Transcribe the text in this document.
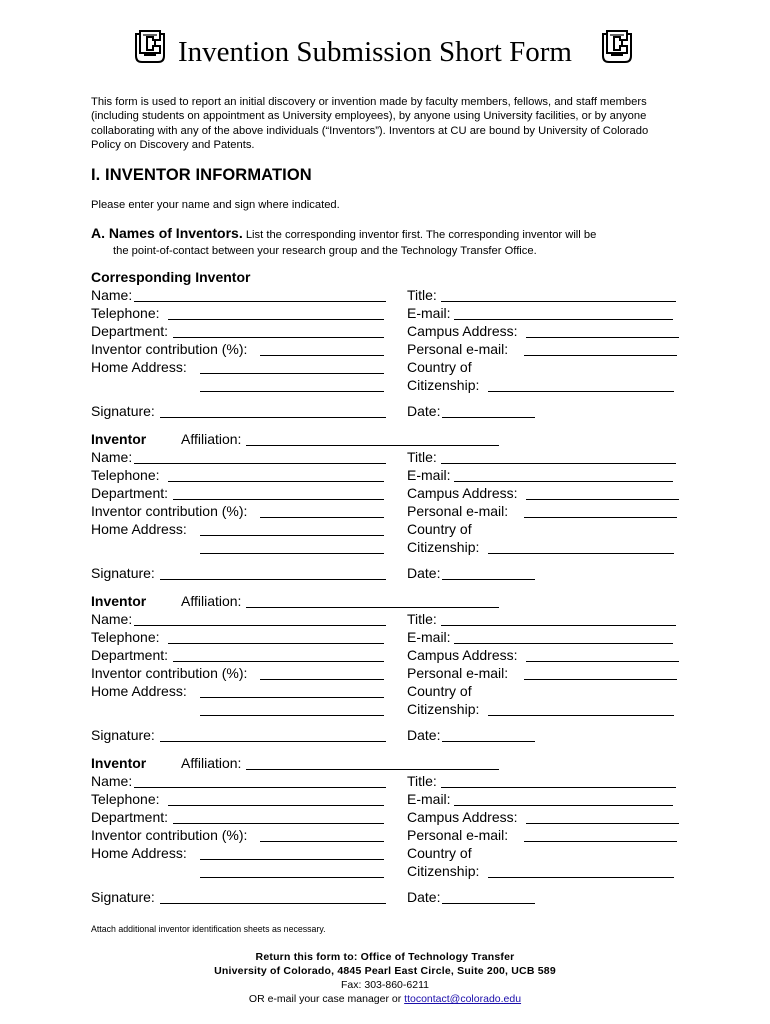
Invention Submission Short Form
This form is used to report an initial discovery or invention made by faculty members, fellows, and staff members (including students on appointment as University employees), by anyone using University facilities, or by anyone collaborating with any of the above individuals (“Inventors”). Inventors at CU are bound by University of Colorado Policy on Discovery and Patents.
I. INVENTOR INFORMATION
Please enter your name and sign where indicated.
A. Names of Inventors. List the corresponding inventor first. The corresponding inventor will be
the point-of-contact between your research group and the Technology Transfer Office.
Corresponding Inventor
Name:	Title:
Telephone:	E-mail:
Department:	Campus Address:
Inventor contribution (%):	Personal e-mail:
Home Address:	Country of
Citizenship:
Signature:	Date:
Inventor Affiliation:
Name:	Title:
Telephone:	E-mail:
Department:	Campus Address:
Inventor contribution (%):	Personal e-mail:
Home Address:	Country of
Citizenship:
Signature:	Date:
Inventor Affiliation:
Name:	Title:
Telephone:	E-mail:
Department:	Campus Address:
Inventor contribution (%):	Personal e-mail:
Home Address:	Country of
Citizenship:
Signature:	Date:
Inventor Affiliation:
Name:	Title:
Telephone:	E-mail:
Department:	Campus Address:
Inventor contribution (%):	Personal e-mail:
Home Address:	Country of
Citizenship:
Signature:	Date:
Attach additional inventor identification sheets as necessary.
Return this form to: Office of Technology Transfer
University of Colorado, 4845 Pearl East Circle, Suite 200, UCB 589
Fax: 303-860-6211
OR e-mail your case manager or ttocontact@colorado.edu
